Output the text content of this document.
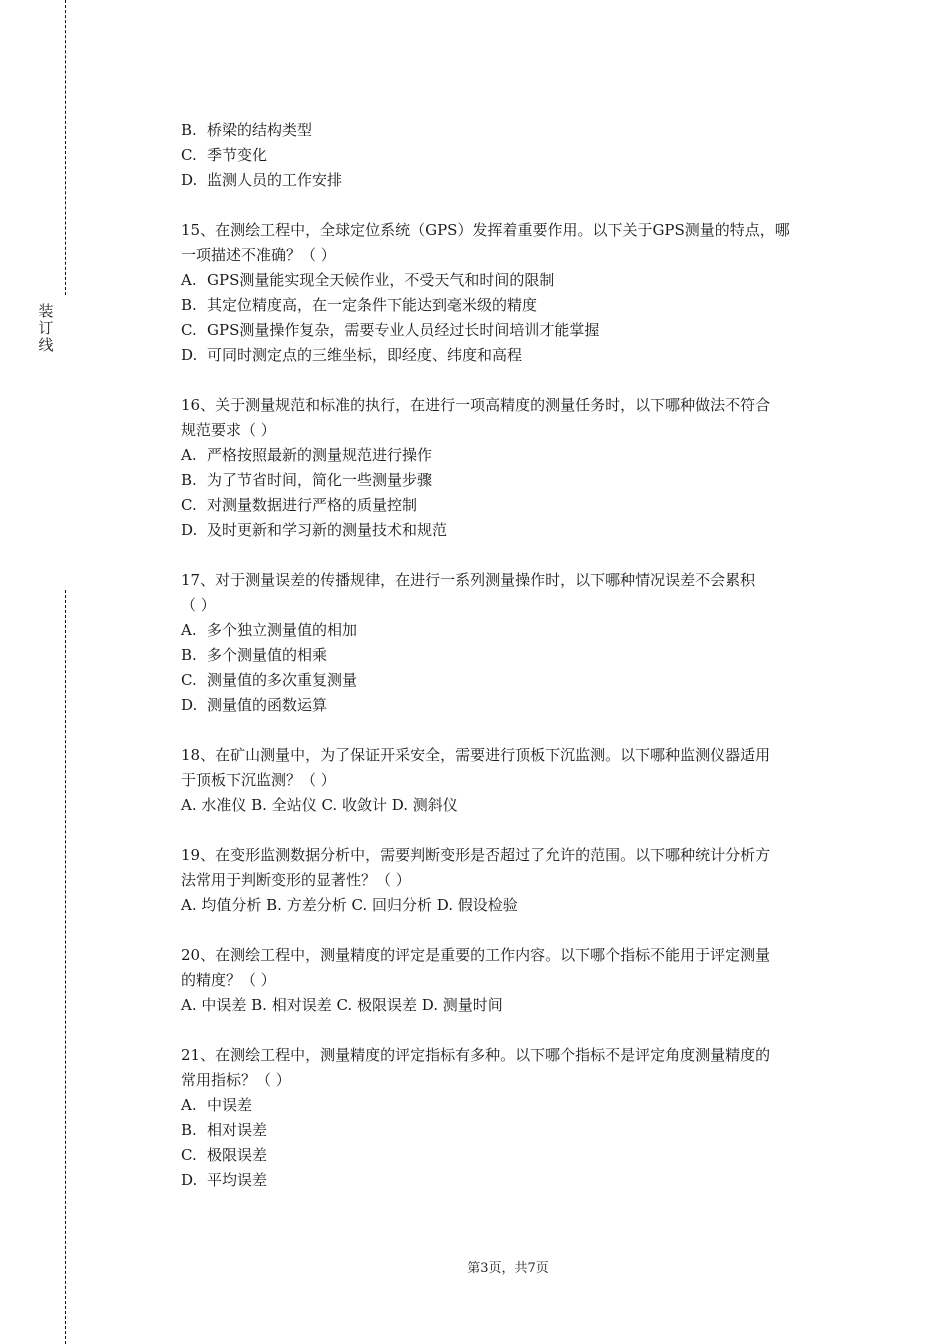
装
订
线
B. 桥梁的结构类型
C. 季节变化
D. 监测人员的工作安排
15、在测绘工程中，全球定位系统（GPS）发挥着重要作用。以下关于GPS测量的特点，哪
一项描述不准确？（ ）
A. GPS测量能实现全天候作业，不受天气和时间的限制
B. 其定位精度高，在一定条件下能达到毫米级的精度
C. GPS测量操作复杂，需要专业人员经过长时间培训才能掌握
D. 可同时测定点的三维坐标，即经度、纬度和高程
16、关于测量规范和标准的执行，在进行一项高精度的测量任务时，以下哪种做法不符合
规范要求（ ）
A. 严格按照最新的测量规范进行操作
B. 为了节省时间，简化一些测量步骤
C. 对测量数据进行严格的质量控制
D. 及时更新和学习新的测量技术和规范
17、对于测量误差的传播规律，在进行一系列测量操作时，以下哪种情况误差不会累积
（ ）
A. 多个独立测量值的相加
B. 多个测量值的相乘
C. 测量值的多次重复测量
D. 测量值的函数运算
18、在矿山测量中，为了保证开采安全，需要进行顶板下沉监测。以下哪种监测仪器适用
于顶板下沉监测？（ ）
A. 水准仪 B. 全站仪 C. 收敛计 D. 测斜仪
19、在变形监测数据分析中，需要判断变形是否超过了允许的范围。以下哪种统计分析方
法常用于判断变形的显著性？（ ）
A. 均值分析 B. 方差分析 C. 回归分析 D. 假设检验
20、在测绘工程中，测量精度的评定是重要的工作内容。以下哪个指标不能用于评定测量
的精度？（ ）
A. 中误差 B. 相对误差 C. 极限误差 D. 测量时间
21、在测绘工程中，测量精度的评定指标有多种。以下哪个指标不是评定角度测量精度的
常用指标？（ ）
A. 中误差
B. 相对误差
C. 极限误差
D. 平均误差
第3页，共7页
